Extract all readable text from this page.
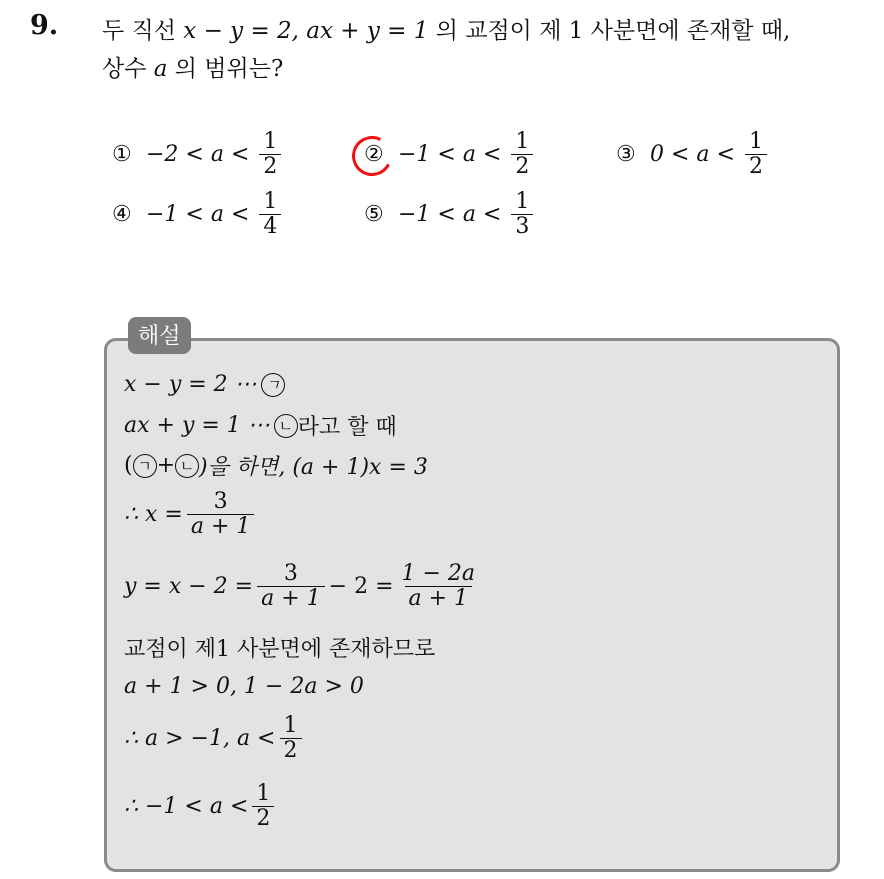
9. 두 직선 x − y = 2, ax + y = 1 의 교점이 제 1 사분면에 존재할 때,
상수 a 의 범위는?
① $-2 < a < \frac{1}{2}$	② $-1 < a < \frac{1}{2}$	③ $0 < a < \frac{1}{2}$
④ $-1 < a < \frac{1}{4}$	⑤ $-1 < a < \frac{1}{3}$
해설
x − y = 2 ⋯ ㄱ
ax + y = 1 ⋯ ㄴ 라고 할 때
( ㄱ + ㄴ )을 하면, (a + 1)x = 3
∴ $x = \frac{3}{a + 1}$
$y = x - 2 = \frac{3}{a + 1} - 2 = \frac{1 - 2a}{a + 1}$
교점이 제1 사분면에 존재하므로
a + 1 > 0, 1 − 2a > 0
∴ a > −1, $a < \frac{1}{2}$
∴ $-1 < a < \frac{1}{2}$
